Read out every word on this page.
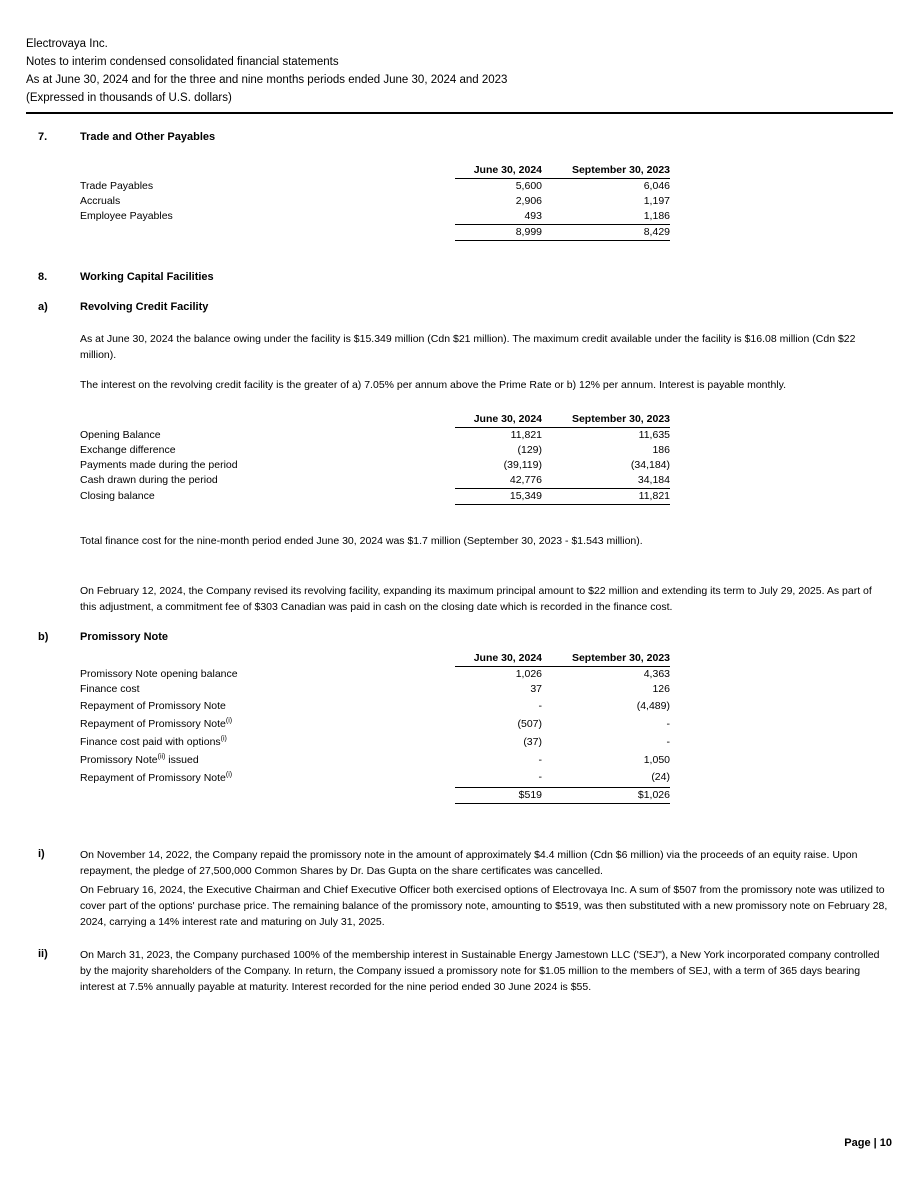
Electrovaya Inc.
Notes to interim condensed consolidated financial statements
As at June 30, 2024 and for the three and nine months periods ended June 30, 2024 and 2023
(Expressed in thousands of U.S. dollars)
7.	Trade and Other Payables
	June 30, 2024	September 30, 2023
Trade Payables	5,600	6,046
Accruals	2,906	1,197
Employee Payables	493	1,186
	8,999	8,429
8.	Working Capital Facilities
a)	Revolving Credit Facility
As at June 30, 2024 the balance owing under the facility is $15.349 million (Cdn $21 million). The maximum credit available under the facility is $16.08 million (Cdn $22 million).
The interest on the revolving credit facility is the greater of a) 7.05% per annum above the Prime Rate or b) 12% per annum. Interest is payable monthly.
	June 30, 2024	September 30, 2023
Opening Balance	11,821	11,635
Exchange difference	(129)	186
Payments made during the period	(39,119)	(34,184)
Cash drawn during the period	42,776	34,184
Closing balance	15,349	11,821
Total finance cost for the nine-month period ended June 30, 2024 was $1.7 million (September 30, 2023 - $1.543 million).
On February 12, 2024, the Company revised its revolving facility, expanding its maximum principal amount to $22 million and extending its term to July 29, 2025. As part of this adjustment, a commitment fee of $303 Canadian was paid in cash on the closing date which is recorded in the finance cost.
b)	Promissory Note
	June 30, 2024	September 30, 2023
Promissory Note opening balance	1,026	4,363
Finance cost	37	126
Repayment of Promissory Note	-	(4,489)
Repayment of Promissory Note$^{(i)}$	(507)	-
Finance cost paid with options$^{(i)}$	(37)	-
Promissory Note$^{(ii)}$ issued	-	1,050
Repayment of Promissory Note$^{(i)}$	-	(24)
	$519	$1,026
i)	On November 14, 2022, the Company repaid the promissory note in the amount of approximately $4.4 million (Cdn $6 million) via the proceeds of an equity raise. Upon repayment, the pledge of 27,500,000 Common Shares by Dr. Das Gupta on the share certificates was cancelled.
On February 16, 2024, the Executive Chairman and Chief Executive Officer both exercised options of Electrovaya Inc. A sum of $507 from the promissory note was utilized to cover part of the options' purchase price. The remaining balance of the promissory note, amounting to $519, was then substituted with a new promissory note on February 28, 2024, carrying a 14% interest rate and maturing on July 31, 2025.
ii)	On March 31, 2023, the Company purchased 100% of the membership interest in Sustainable Energy Jamestown LLC ('SEJ"), a New York incorporated company controlled by the majority shareholders of the Company. In return, the Company issued a promissory note for $1.05 million to the members of SEJ, with a term of 365 days bearing interest at 7.5% annually payable at maturity. Interest recorded for the nine period ended 30 June 2024 is $55.
Page | 10
